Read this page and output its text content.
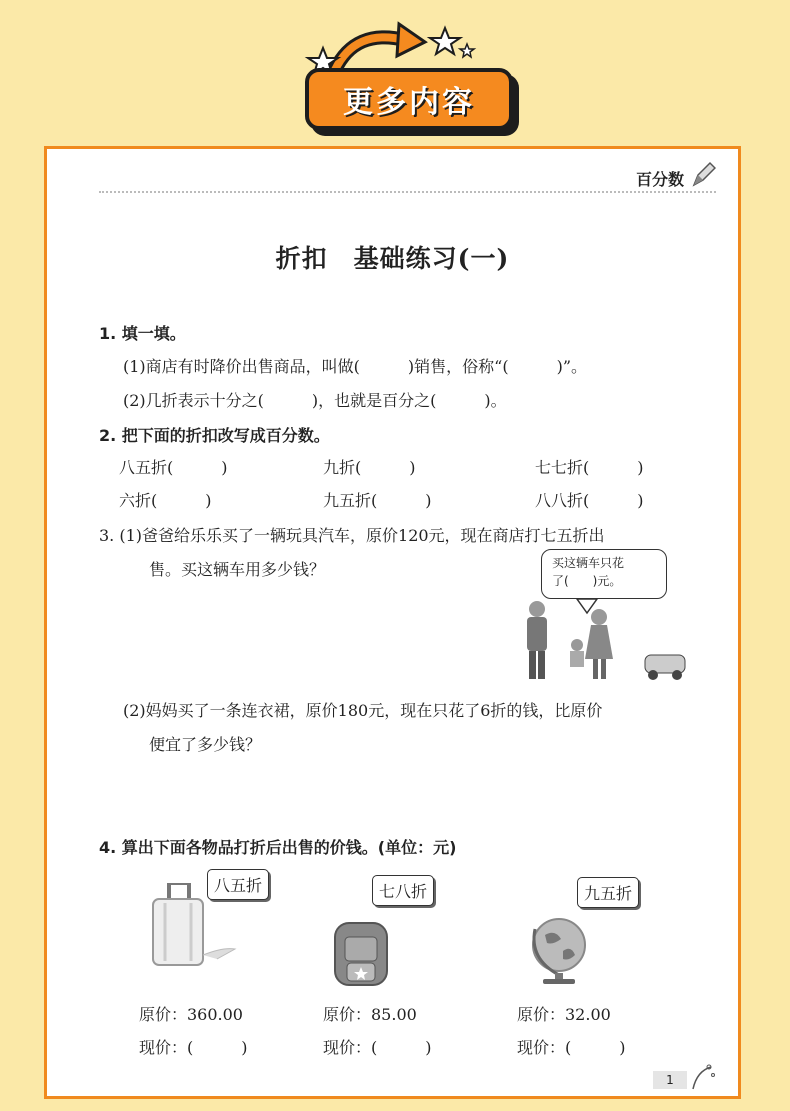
更多内容
百分数
折扣　基础练习(一)
1. 填一填。
(1)商店有时降价出售商品，叫做(　　　)销售，俗称“(　　　)”。
(2)几折表示十分之(　　　)，也就是百分之(　　　)。
2. 把下面的折扣改写成百分数。
八五折(　　　)	九折(　　　)	七七折(　　　)
六折(　　　)	九五折(　　　)	八八折(　　　)
3. (1)爸爸给乐乐买了一辆玩具汽车，原价120元，现在商店打七五折出
售。买这辆车用多少钱？	买这辆车只花
了(　　)元。
(2)妈妈买了一条连衣裙，原价180元，现在只花了6折的钱，比原价
便宜了多少钱？
4. 算出下面各物品打折后出售的价钱。(单位：元)
八五折	七八折	九五折
原价：360.00	原价：85.00	原价：32.00
现价：(　　　)	现价：(　　　)	现价：(　　　)
1
